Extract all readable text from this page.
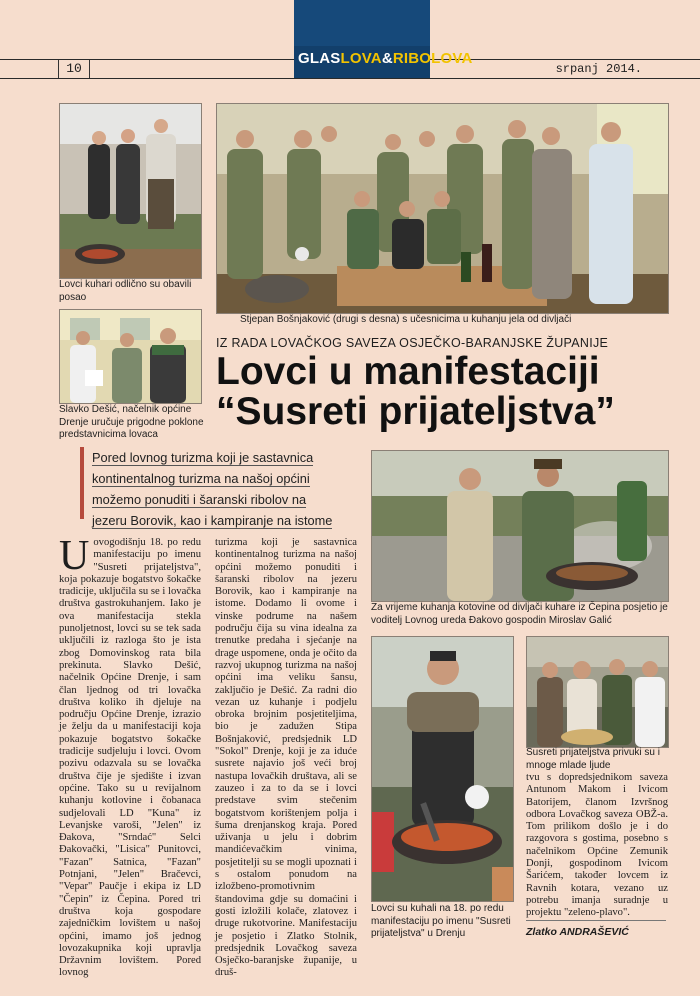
10	srpanj 2014.
GLASLOVA&RIBOLOVA
Lovci kuhari odlično su obavili posao
Stjepan Bošnjaković (drugi s desna) s učesnicima u kuhanju jela od divljači
Slavko Dešić, načelnik općine Drenje uručuje prigodne poklone predstavnicima lovaca
IZ RADA LOVAČKOG SAVEZA OSJEČKO-BARANJSKE ŽUPANIJE
Lovci u manifestaciji
“Susreti prijateljstva”
Pored lovnog turizma koji je sastavnica kontinentalnog turizma na našoj općini možemo ponuditi i šaranski ribolov na jezeru Borovik, kao i kampiranje na istome
Za vrijeme kuhanja kotovine od divljači kuhare iz Čepina posjetio je voditelj Lovnog ureda Đakovo gospodin Miroslav Galić
Lovci su kuhali na 18. po redu manifestaciju po imenu "Susreti prijateljstva" u Drenju
Susreti prijateljstva privuki su i mnoge mlade ljude
Uovogodišnju 18. po redu manifestaciju po imenu "Susreti prijateljstva", koja pokazuje bogatstvo šokačke tradicije, uključila su se i lovačka društva gastrokuhanjem. Iako je ova manifestacija stekla punoljetnost, lovci su se tek sada uključili iz razloga što je ista zbog Domovinskog rata bila prekinuta. Slavko Dešić, načelnik Općine Drenje, i sam član ljednog od tri lovačka društva koliko ih djeluje na području Općine Drenje, izrazio je želju da u manifestaciji koja pokazuje bogatstvo šokačke tradicije sudjeluju i lovci. Ovom pozivu odazvala su se lovačka društva čije je sjedište i izvan općine. Tako su u revijalnom kuhanju kotlovine i čobanaca sudjelovali LD "Kuna" iz Levanjske varoši, "Jelen" iz Đakova, "Srndać" Selci Đakovački, "Lisica" Punitovci, "Fazan" Satnica, "Fazan" Potnjani, "Jelen" Bračevci, "Vepar" Paučje i ekipa iz LD "Čepin" iz Čepina. Pored tri društva koja gospodare zajedničkim lovištem u našoj općini, imamo još jednog lovozakupnika koji upravlja Državnim lovištem. Pored lovnog
turizma koji je sastavnica kontinentalnog turizma na našoj općini možemo ponuditi i šaranski ribolov na jezeru Borovik, kao i kampiranje na istome. Dodamo li ovome i vinske podrume na našem području čija su vina idealna za trenutke predaha i sjećanje na drage uspomene, onda je očito da razvoj ukupnog turizma na našoj općini ima veliku šansu, zaključio je Dešić. Za radni dio vezan uz kuhanje i podjelu obroka brojnim posjetiteljima, bio je zadužen Stipa Bošnjaković, predsjednik LD "Sokol" Drenje, koji je za iduće susrete najavio još veći broj nastupa lovačkih društava, ali se zauzeo i za to da se i lovci predstave svim stečenim bogatstvom korištenjem polja i šuma drenjanskog kraja. Pored uživanja u jelu i dobrim mandićevačkim vinima, posjetitelji su se mogli upoznati i s ostalom ponudom na izložbeno-promotivnim štandovima gdje su domaćini i gosti izložili kolače, zlatovez i druge rukotvorine. Manifestaciju je posjetio i Zlatko Stolnik, predsjednik Lovačkog saveza Osječko-baranjske županije, u druš-
tvu s dopredsjednikom saveza Antunom Makom i Ivicom Batorijem, članom Izvršnog odbora Lovačkog saveza OBŽ-a. Tom prilikom došlo je i do razgovora s gostima, posebno s načelnikom Općine Zemunik Donji, gospodinom Ivicom Šarićem, također lovcem iz Ravnih kotara, vezano uz potrebu imanja suradnje u projektu "zeleno-plavo".
Zlatko ANDRAŠEVIĆ
